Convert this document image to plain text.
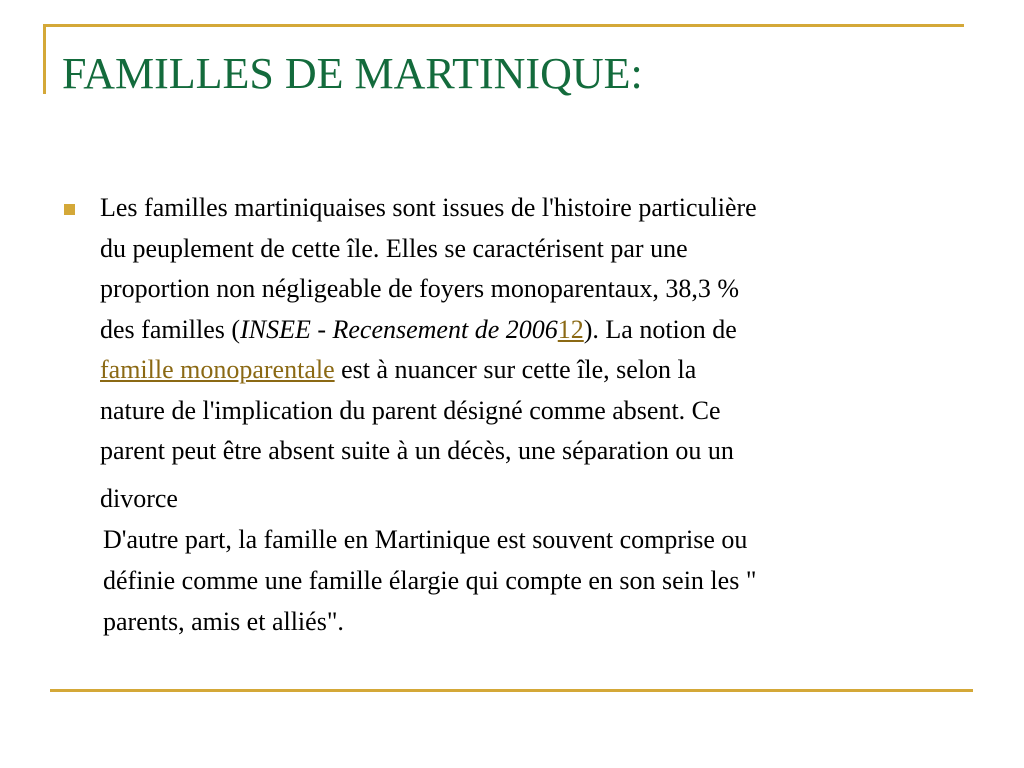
FAMILLES DE MARTINIQUE:
Les familles martiniquaises sont issues de l'histoire particulière
du peuplement de cette île. Elles se caractérisent par une
proportion non négligeable de foyers monoparentaux, 38,3 %
des familles (INSEE - Recensement de 200612). La notion de
famille monoparentale est à nuancer sur cette île, selon la
nature de l'implication du parent désigné comme absent. Ce
parent peut être absent suite à un décès, une séparation ou un
divorce
D'autre part, la famille en Martinique est souvent comprise ou
définie comme une famille élargie qui compte en son sein les "
parents, amis et alliés".
